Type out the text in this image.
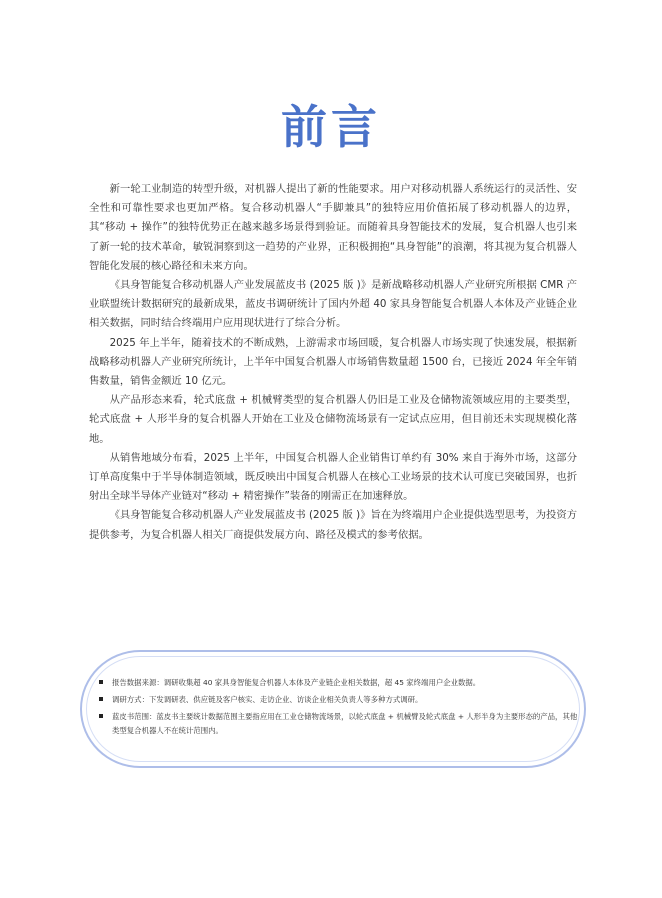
前言

新一轮工业制造的转型升级，对机器人提出了新的性能要求。用户对移动机器人系统运行的灵活性、安全性和可靠性要求也更加严格。复合移动机器人“手脚兼具”的独特应用价值拓展了移动机器人的边界，其“移动 + 操作”的独特优势正在越来越多场景得到验证。而随着具身智能技术的发展，复合机器人也引来了新一轮的技术革命，敏锐洞察到这一趋势的产业界，正积极拥抱“具身智能”的浪潮，将其视为复合机器人智能化发展的核心路径和未来方向。

《具身智能复合移动机器人产业发展蓝皮书 (2025 版 )》是新战略移动机器人产业研究所根据 CMR 产业联盟统计数据研究的最新成果，蓝皮书调研统计了国内外超 40 家具身智能复合机器人本体及产业链企业相关数据，同时结合终端用户应用现状进行了综合分析。

2025 年上半年，随着技术的不断成熟，上游需求市场回暖，复合机器人市场实现了快速发展，根据新战略移动机器人产业研究所统计，上半年中国复合机器人市场销售数量超 1500 台，已接近 2024 年全年销售数量，销售金额近 10 亿元。

从产品形态来看，轮式底盘 + 机械臂类型的复合机器人仍旧是工业及仓储物流领域应用的主要类型，轮式底盘 + 人形半身的复合机器人开始在工业及仓储物流场景有一定试点应用，但目前还未实现规模化落地。

从销售地域分布看，2025 上半年，中国复合机器人企业销售订单约有 30% 来自于海外市场，这部分订单高度集中于半导体制造领域，既反映出中国复合机器人在核心工业场景的技术认可度已突破国界，也折射出全球半导体产业链对“移动 + 精密操作”装备的刚需正在加速释放。

《具身智能复合移动机器人产业发展蓝皮书 (2025 版 )》旨在为终端用户企业提供选型思考，为投资方提供参考，为复合机器人相关厂商提供发展方向、路径及模式的参考依据。

报告数据来源：调研收集超 40 家具身智能复合机器人本体及产业链企业相关数据，超 45 家终端用户企业数据。
调研方式：下发调研表、供应链及客户核实、走访企业、访谈企业相关负责人等多种方式调研。
蓝皮书范围：蓝皮书主要统计数据范围主要指应用在工业仓储物流场景，以轮式底盘 + 机械臂及轮式底盘 + 人形半身为主要形态的产品，其他类型复合机器人不在统计范围内。
